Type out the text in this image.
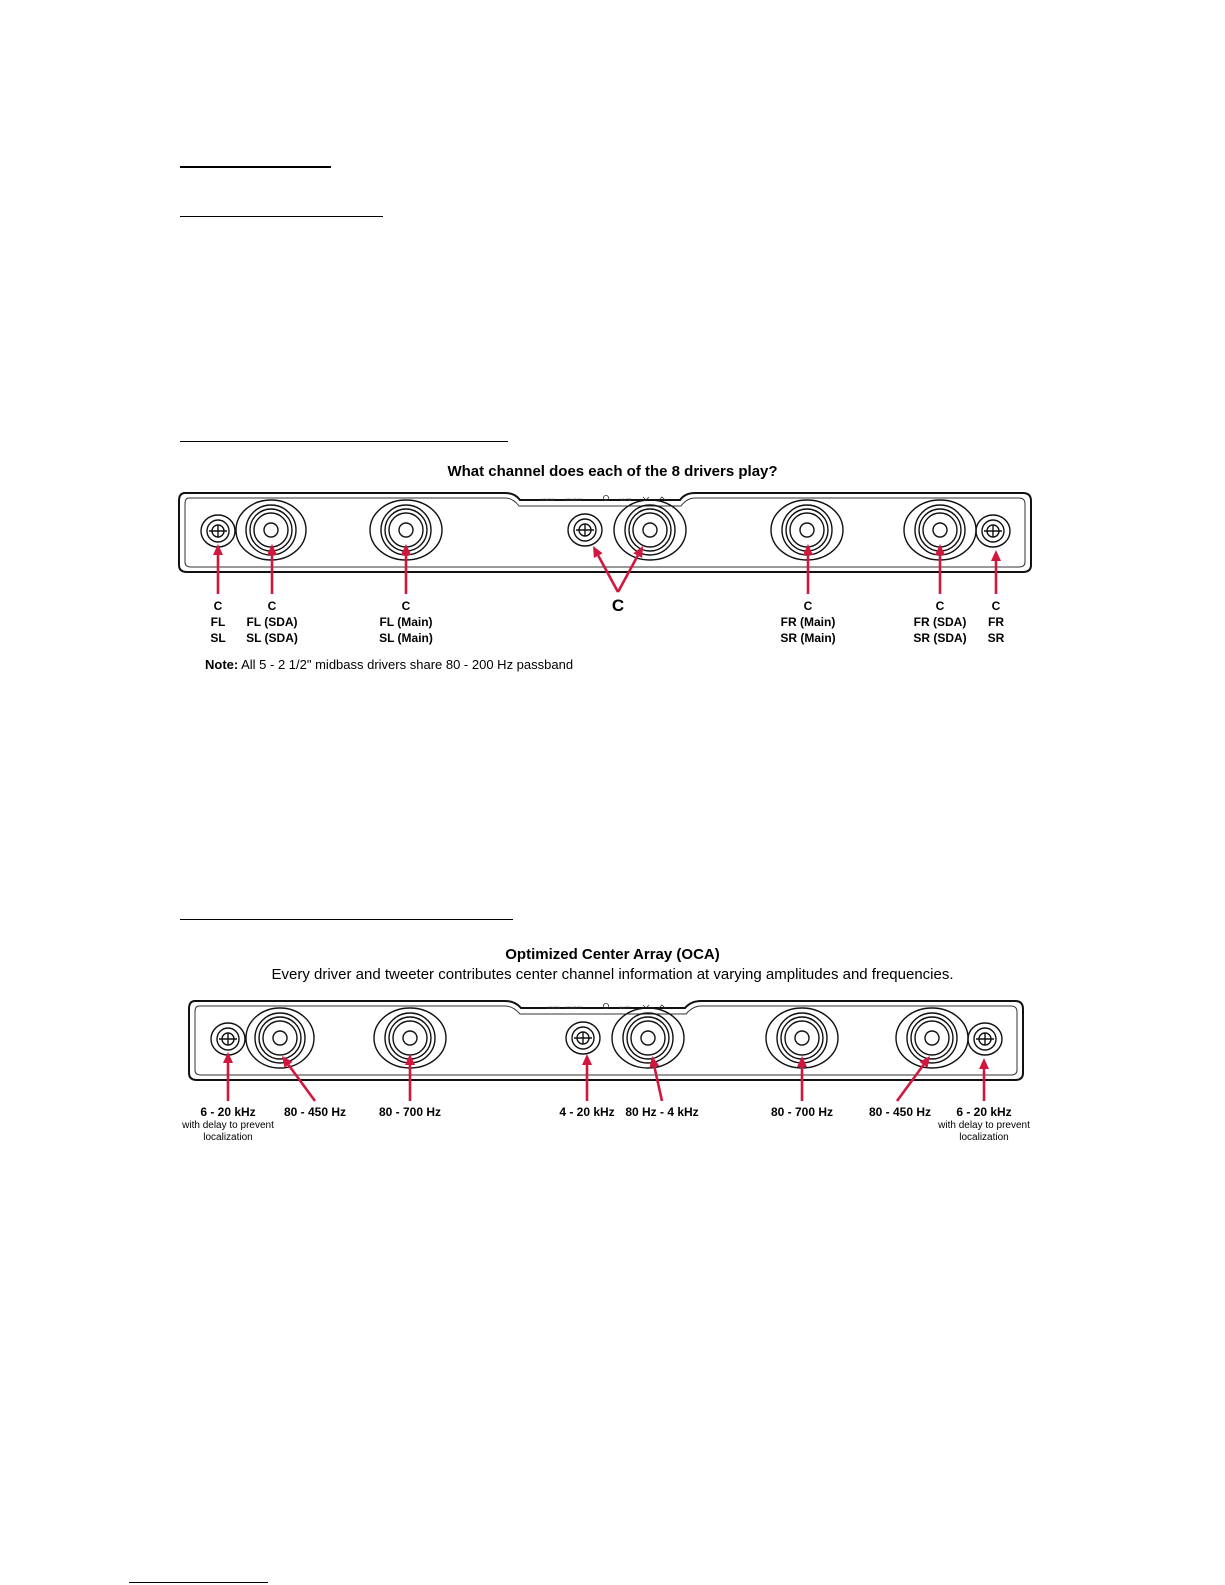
What channel does each of the 8 drivers play?
LEARN	SOURCE	MUTE
C
FL
SL
C
FL (SDA)
SL (SDA)
C
FL (Main)
SL (Main)
C	C
FR (Main)
SR (Main)
C
FR (SDA)
SR (SDA)
C
FR
SR
Note: All 5 - 2 1/2" midbass drivers share 80 - 200 Hz passband
Optimized Center Array (OCA)
Every driver and tweeter contributes center channel information at varying amplitudes and frequencies.
LEARN SOURCE	MUTE
6 - 20 kHz
with delay to prevent
localization
80 - 450 Hz	80 - 700 Hz	4 - 20 kHz 80 Hz - 4 kHz	80 - 700 Hz	80 - 450 Hz	6 - 20 kHz
with delay to prevent
localization
